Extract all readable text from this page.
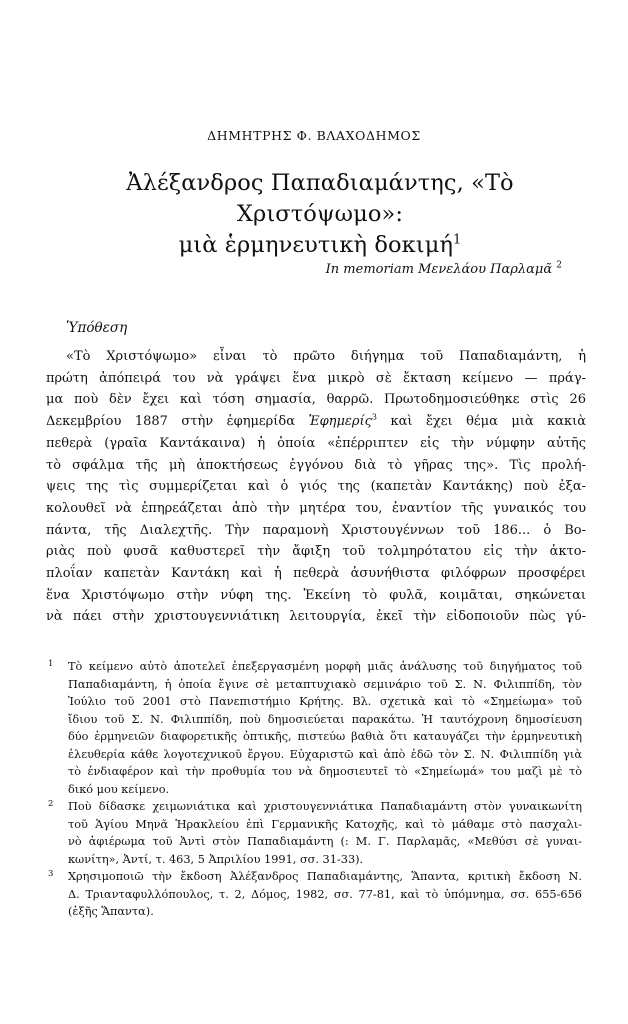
ΔΗΜΗΤΡΗΣ Φ. ΒΛΑΧΟΔΗΜΟΣ
Ἀλέξανδρος Παπαδιαμάντης, «Τὸ Χριστόψωμο»:
μιὰ ἑρμηνευτικὴ δοκιμή$^1$
In memoriam Μενελάου Παρλαμᾶ $^2$
Ὑπόθεση
«Τὸ Χριστόψωμο» εἶναι τὸ πρῶτο διήγημα τοῦ Παπαδιαμάντη, ἡ
πρώτη ἀπόπειρά του νὰ γράψει ἕνα μικρὸ σὲ ἔκταση κείμενο — πράγ-
μα ποὺ δὲν ἔχει καὶ τόση σημασία, θαρρῶ. Πρωτοδημοσιεύθηκε στὶς 26
Δεκεμβρίου 1887 στὴν ἐφημερίδα Ἐφημερίς$^3$ καὶ ἔχει θέμα μιὰ κακιὰ
πεθερὰ (γραῖα Καντάκαινα) ἡ ὁποία «ἐπέρριπτεν εἰς τὴν νύμφην αὐτῆς
τὸ σφάλμα τῆς μὴ ἀποκτήσεως ἐγγόνου διὰ τὸ γῆρας της». Τὶς προλή-
ψεις της τὶς συμμερίζεται καὶ ὁ γιός της (καπετὰν Καντάκης) ποὺ ἐξα-
κολουθεῖ νὰ ἐπηρεάζεται ἀπὸ τὴν μητέρα του, ἐναντίον τῆς γυναικός του
πάντα, τῆς Διαλεχτῆς. Τὴν παραμονὴ Χριστουγέννων τοῦ 186... ὁ Βο-
ριὰς ποὺ φυσᾶ καθυστερεῖ τὴν ἄφιξη τοῦ τολμηρότατου εἰς τὴν ἀκτο-
πλοΐαν καπετὰν Καντάκη καὶ ἡ πεθερὰ ἀσυνήθιστα φιλόφρων προσφέρει
ἕνα Χριστόψωμο στὴν νύφη της. Ἐκείνη τὸ φυλᾶ, κοιμᾶται, σηκώνεται
νὰ πάει στὴν χριστουγεννιάτικη λειτουργία, ἐκεῖ τὴν εἰδοποιοῦν πὼς γύ-
1 Τὸ κείμενο αὐτὸ ἀποτελεῖ ἐπεξεργασμένη μορφὴ μιᾶς ἀνάλυσης τοῦ διηγήματος τοῦ
Παπαδιαμάντη, ἡ ὁποία ἔγινε σὲ μεταπτυχιακὸ σεμινάριο τοῦ Σ. Ν. Φιλιππίδη, τὸν
Ἰούλιο τοῦ 2001 στὸ Πανεπιστήμιο Κρήτης. Βλ. σχετικὰ καὶ τὸ «Σημείωμα» τοῦ
ἴδιου τοῦ Σ. Ν. Φιλιππίδη, ποὺ δημοσιεύεται παρακάτω. Ἡ ταυτόχρονη δημοσίευση
δύο ἑρμηνειῶν διαφορετικῆς ὀπτικῆς, πιστεύω βαθιὰ ὅτι καταυγάζει τὴν ἑρμηνευτικὴ
ἐλευθερία κάθε λογοτεχνικοῦ ἔργου. Εὐχαριστῶ καὶ ἀπὸ ἐδῶ τὸν Σ. Ν. Φιλιππίδη γιὰ
τὸ ἐνδιαφέρον καὶ τὴν προθυμία του νὰ δημοσιευτεῖ τὸ «Σημείωμά» του μαζὶ μὲ τὸ
δικό μου κείμενο.
2 Ποὺ δίδασκε χειμωνιάτικα καὶ χριστουγεννιάτικα Παπαδιαμάντη στὸν γυναικωνίτη
τοῦ Ἁγίου Μηνᾶ Ἡρακλείου ἐπὶ Γερμανικῆς Κατοχῆς, καὶ τὸ μάθαμε στὸ πασχαλι-
νὸ ἀφιέρωμα τοῦ Ἀντὶ στὸν Παπαδιαμάντη (: Μ. Γ. Παρλαμᾶς, «Μεθύσι σὲ γυναι-
κωνίτη», Ἀντί, τ. 463, 5 Ἀπριλίου 1991, σσ. 31-33).
3 Χρησιμοποιῶ τὴν ἔκδοση Ἀλέξανδρος Παπαδιαμάντης, Ἅπαντα, κριτικὴ ἔκδοση Ν.
Δ. Τριανταφυλλόπουλος, τ. 2, Δόμος, 1982, σσ. 77-81, καὶ τὸ ὑπόμνημα, σσ. 655-656
(ἑξῆς Ἅπαντα).
